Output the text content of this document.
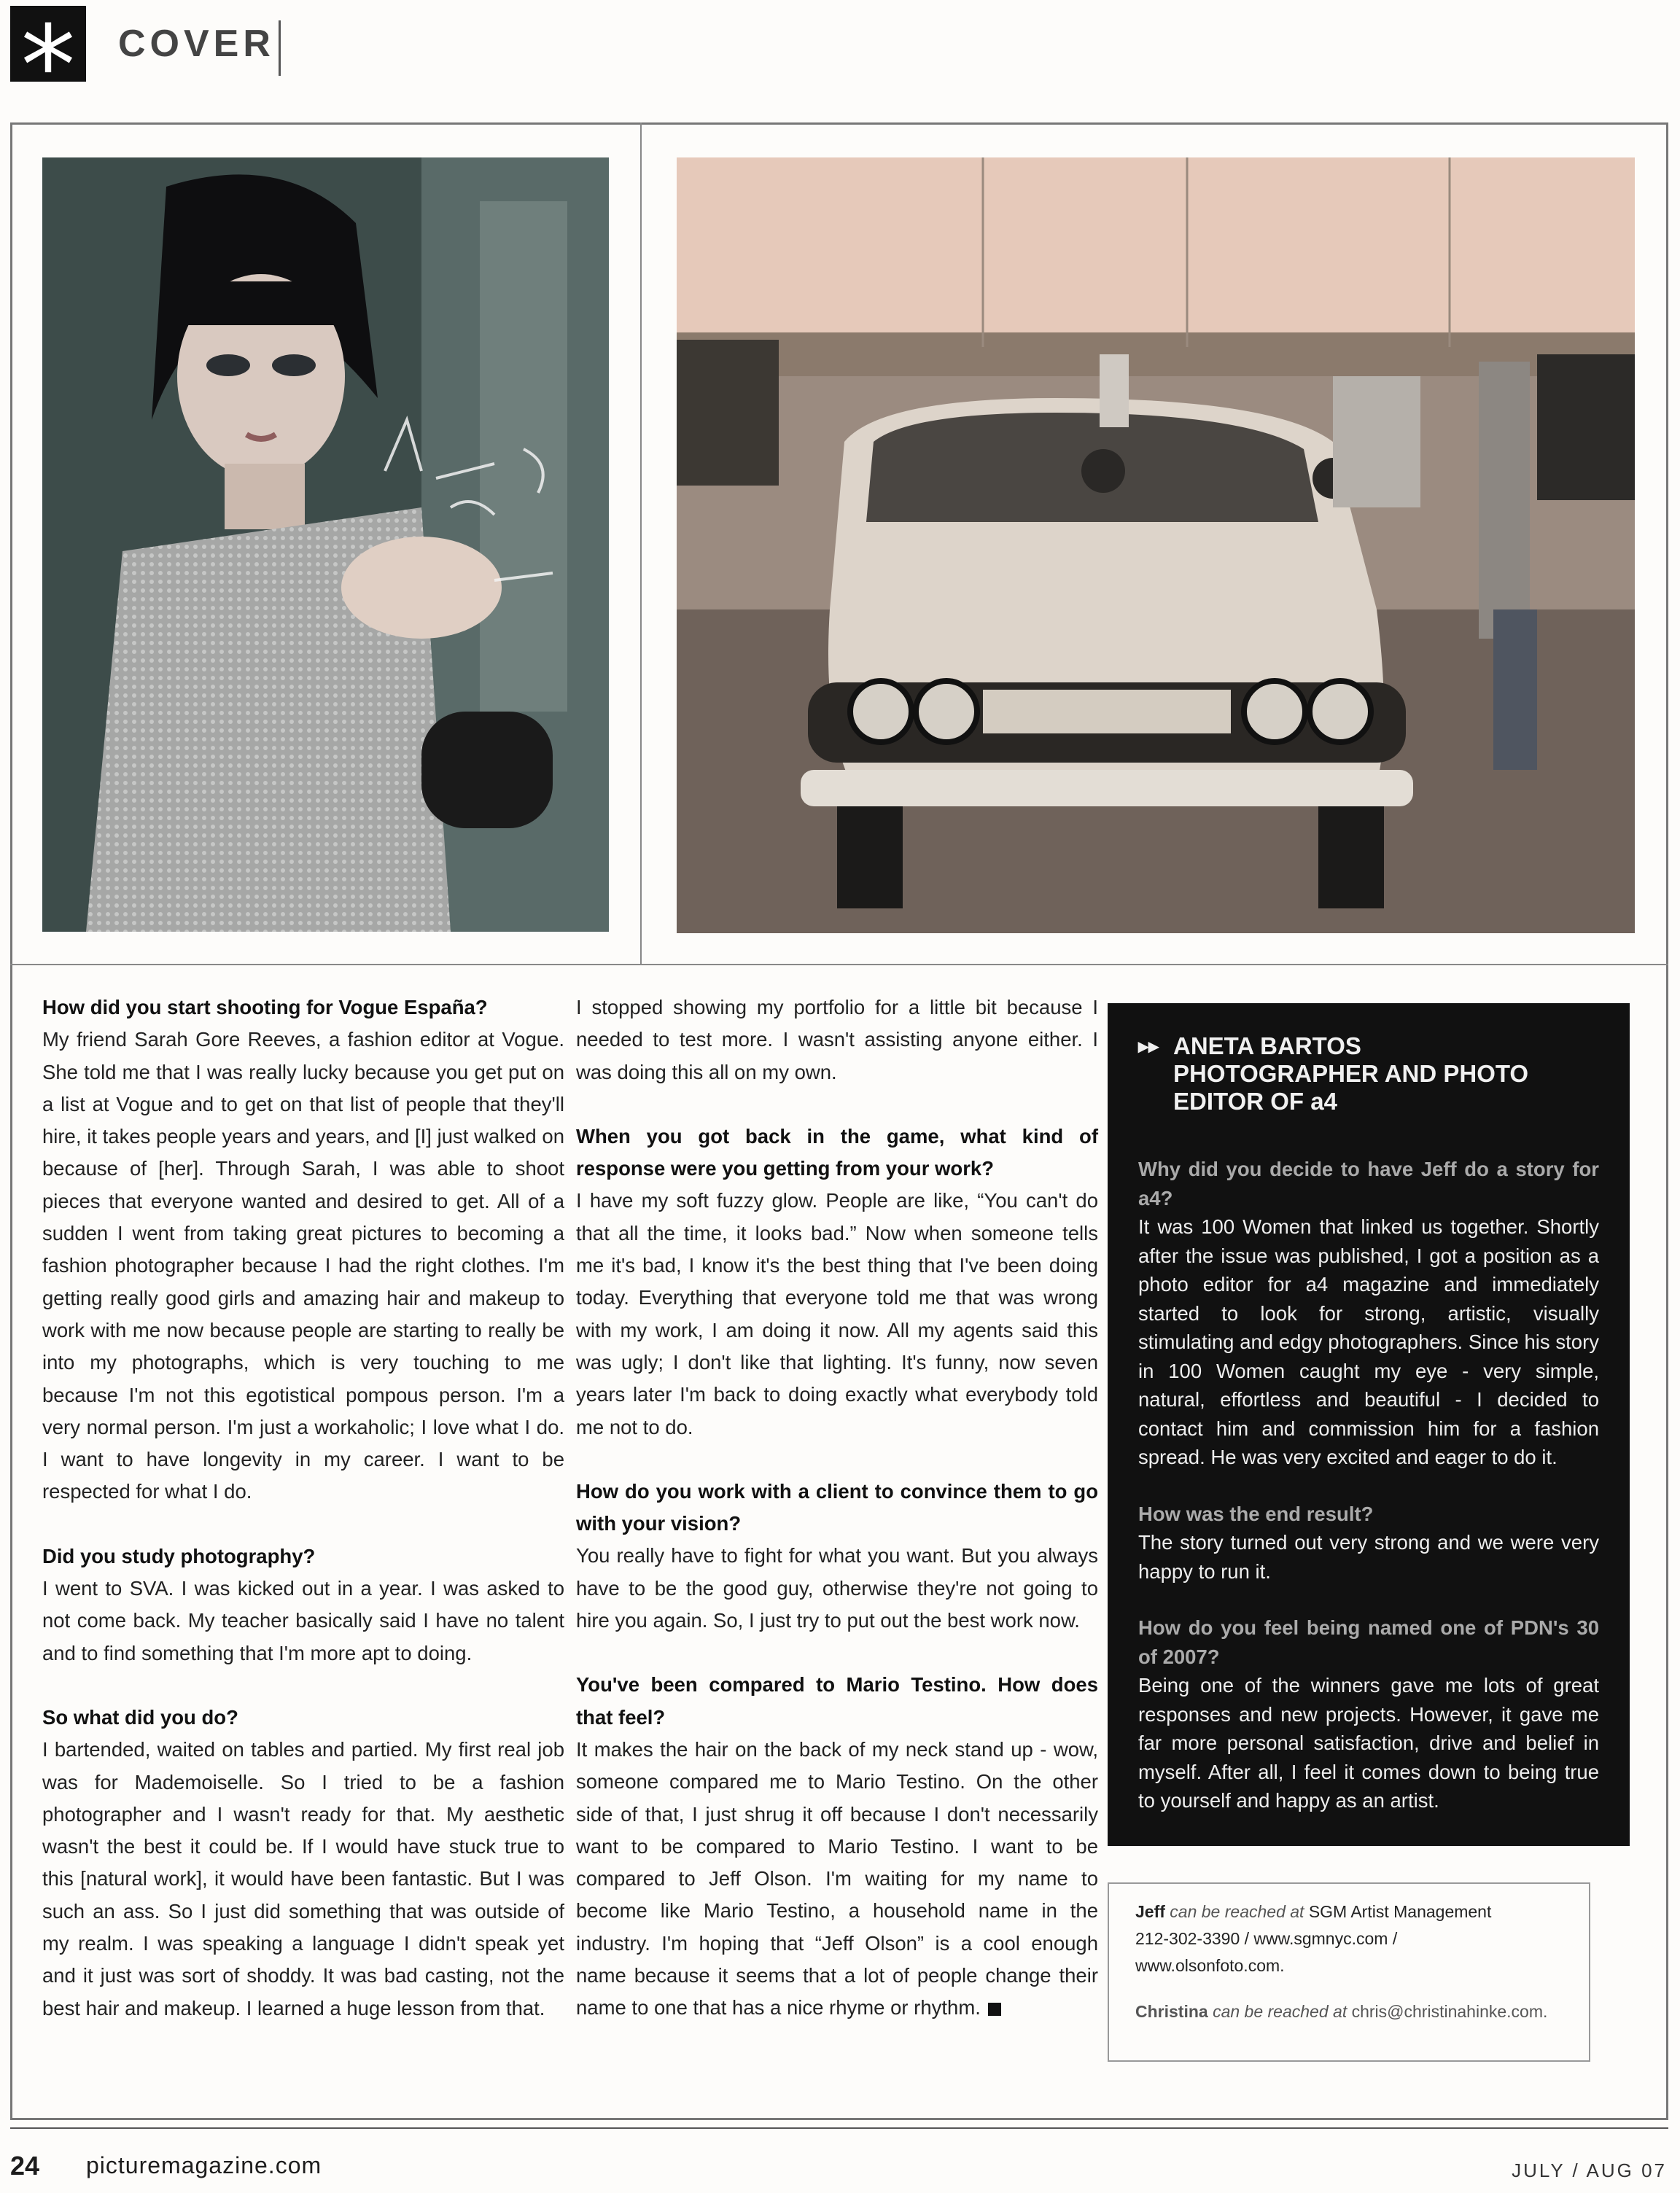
* COVER

How did you start shooting for Vogue España?

My friend Sarah Gore Reeves, a fashion editor at Vogue. She told me that I was really lucky because you get put on a list at Vogue and to get on that list of people that they'll hire, it takes people years and years, and [I] just walked on because of [her]. Through Sarah, I was able to shoot pieces that everyone wanted and desired to get. All of a sudden I went from taking great pictures to becoming a fashion photographer because I had the right clothes. I'm getting really good girls and amazing hair and makeup to work with me now because people are starting to really be into my photographs, which is very touching to me because I'm not this egotistical pompous person. I'm a very normal person. I'm just a workaholic; I love what I do. I want to have longevity in my career. I want to be respected for what I do.

Did you study photography?

I went to SVA. I was kicked out in a year. I was asked to not come back. My teacher basically said I have no talent and to find something that I'm more apt to doing.

So what did you do?

I bartended, waited on tables and partied. My first real job was for Mademoiselle. So I tried to be a fashion photographer and I wasn't ready for that. My aesthetic wasn't the best it could be. If I would have stuck true to this [natural work], it would have been fantastic. But I was such an ass. So I just did something that was outside of my realm. I was speaking a language I didn't speak yet and it just was sort of shoddy. It was bad casting, not the best hair and makeup. I learned a huge lesson from that.

I stopped showing my portfolio for a little bit because I needed to test more. I wasn't assisting anyone either. I was doing this all on my own.

When you got back in the game, what kind of response were you getting from your work?

I have my soft fuzzy glow. People are like, “You can't do that all the time, it looks bad.” Now when someone tells me it's bad, I know it's the best thing that I've been doing today. Everything that everyone told me that was wrong with my work, I am doing it now. All my agents said this was ugly; I don't like that lighting. It's funny, now seven years later I'm back to doing exactly what everybody told me not to do.

How do you work with a client to convince them to go with your vision?

You really have to fight for what you want. But you always have to be the good guy, otherwise they're not going to hire you again. So, I just try to put out the best work now.

You've been compared to Mario Testino. How does that feel?

It makes the hair on the back of my neck stand up - wow, someone compared me to Mario Testino. On the other side of that, I just shrug it off because I don't necessarily want to be compared to Mario Testino. I want to be compared to Jeff Olson. I'm waiting for my name to become like Mario Testino, a household name in the industry. I'm hoping that “Jeff Olson” is a cool enough name because it seems that a lot of people change their name to one that has a nice rhyme or rhythm.

▸▸ ANETA BARTOS
PHOTOGRAPHER AND PHOTO
EDITOR OF a4

Why did you decide to have Jeff do a story for a4?

It was 100 Women that linked us together. Shortly after the issue was published, I got a position as a photo editor for a4 magazine and immediately started to look for strong, artistic, visually stimulating and edgy photographers. Since his story in 100 Women caught my eye - very simple, natural, effortless and beautiful - I decided to contact him and commission him for a fashion spread. He was very excited and eager to do it.

How was the end result?

The story turned out very strong and we were very happy to run it.

How do you feel being named one of PDN's 30 of 2007?

Being one of the winners gave me lots of great responses and new projects. However, it gave me far more personal satisfaction, drive and belief in myself. After all, I feel it comes down to being true to yourself and happy as an artist.

Jeff can be reached at SGM Artist Management

212-302-3390 / www.sgmnyc.com /

www.olsonfoto.com.

Christina can be reached at chris@christinahinke.com.

24 picturemagazine.com	JULY / AUG 07
